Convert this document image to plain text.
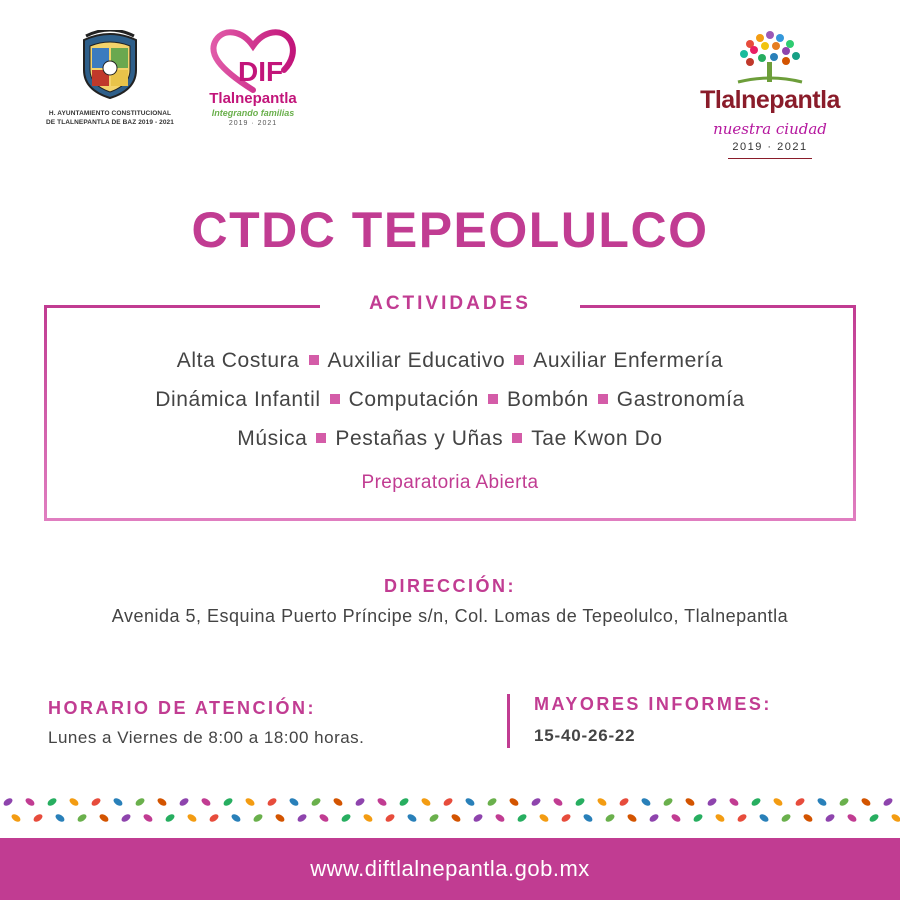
H. AYUNTAMIENTO CONSTITUCIONAL
DE TLALNEPANTLA DE BAZ 2019 - 2021
DIF
Tlalnepantla
Integrando familias
2019 · 2021
Tlalnepantla
nuestra ciudad
2019 · 2021
CTDC TEPEOLULCO
ACTIVIDADES
Alta Costura Auxiliar Educativo Auxiliar Enfermería
Dinámica Infantil Computación Bombón Gastronomía
Música Pestañas y Uñas Tae Kwon Do
Preparatoria Abierta
DIRECCIÓN:
Avenida 5, Esquina Puerto Príncipe s/n, Col. Lomas de Tepeolulco, Tlalnepantla
HORARIO DE ATENCIÓN:
Lunes a Viernes de 8:00 a 18:00 horas.
MAYORES INFORMES:
15-40-26-22
www.diftlalnepantla.gob.mx
